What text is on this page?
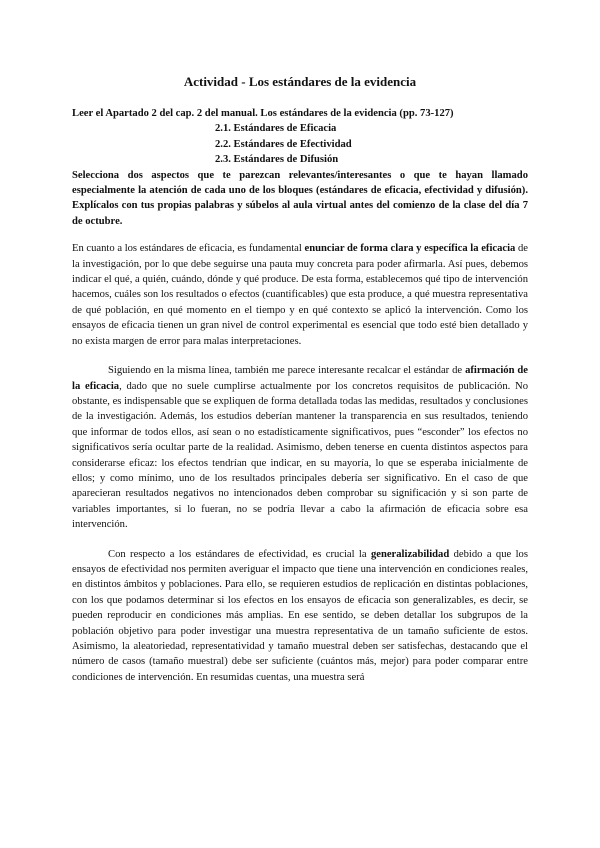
Actividad - Los estándares de la evidencia
Leer el Apartado 2 del cap. 2 del manual. Los estándares de la evidencia (pp. 73-127)
2.1. Estándares de Eficacia
2.2. Estándares de Efectividad
2.3. Estándares de Difusión
Selecciona dos aspectos que te parezcan relevantes/interesantes o que te hayan llamado especialmente la atención de cada uno de los bloques (estándares de eficacia, efectividad y difusión). Explícalos con tus propias palabras y súbelos al aula virtual antes del comienzo de la clase del día 7 de octubre.

En cuanto a los estándares de eficacia, es fundamental enunciar de forma clara y específica la eficacia de la investigación, por lo que debe seguirse una pauta muy concreta para poder afirmarla. Así pues, debemos indicar el qué, a quién, cuándo, dónde y qué produce. De esta forma, establecemos qué tipo de intervención hacemos, cuáles son los resultados o efectos (cuantificables) que esta produce, a qué muestra representativa de qué población, en qué momento en el tiempo y en qué contexto se aplicó la intervención. Como los ensayos de eficacia tienen un gran nivel de control experimental es esencial que todo esté bien detallado y no exista margen de error para malas interpretaciones.

Siguiendo en la misma línea, también me parece interesante recalcar el estándar de afirmación de la eficacia, dado que no suele cumplirse actualmente por los concretos requisitos de publicación. No obstante, es indispensable que se expliquen de forma detallada todas las medidas, resultados y conclusiones de la investigación. Además, los estudios deberían mantener la transparencia en sus resultados, teniendo que informar de todos ellos, así sean o no estadísticamente significativos, pues “esconder” los efectos no significativos sería ocultar parte de la realidad. Asimismo, deben tenerse en cuenta distintos aspectos para considerarse eficaz: los efectos tendrían que indicar, en su mayoría, lo que se esperaba inicialmente de ellos; y como mínimo, uno de los resultados principales debería ser significativo. En el caso de que aparecieran resultados negativos no intencionados deben comprobar su significación y si son parte de variables importantes, si lo fueran, no se podría llevar a cabo la afirmación de eficacia sobre esa intervención.

Con respecto a los estándares de efectividad, es crucial la generalizabilidad debido a que los ensayos de efectividad nos permiten averiguar el impacto que tiene una intervención en condiciones reales, en distintos ámbitos y poblaciones. Para ello, se requieren estudios de replicación en distintas poblaciones, con los que podamos determinar si los efectos en los ensayos de eficacia son generalizables, es decir, se pueden reproducir en condiciones más amplias. En ese sentido, se deben detallar los subgrupos de la población objetivo para poder investigar una muestra representativa de un tamaño suficiente de estos. Asimismo, la aleatoriedad, representatividad y tamaño muestral deben ser satisfechas, destacando que el número de casos (tamaño muestral) debe ser suficiente (cuántos más, mejor) para poder comparar entre condiciones de intervención. En resumidas cuentas, una muestra será
